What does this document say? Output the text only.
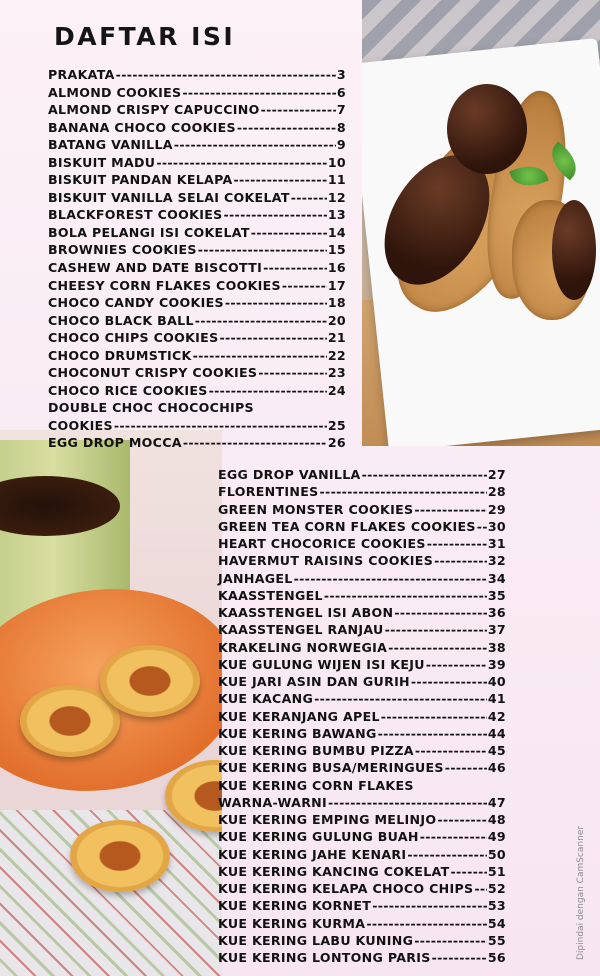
DAFTAR ISI
PRAKATA -----	3
ALMOND COOKIES -----	6
ALMOND CRISPY CAPUCCINO -----	7
BANANA CHOCO COOKIES -----	8
BATANG VANILLA -----	9
BISKUIT MADU -----	10
BISKUIT PANDAN KELAPA -----	11
BISKUIT VANILLA SELAI COKELAT -----	12
BLACKFOREST COOKIES -----	13
BOLA PELANGI ISI COKELAT -----	14
BROWNIES COOKIES -----	15
CASHEW AND DATE BISCOTTI -----	16
CHEESY CORN FLAKES COOKIES -----	17
CHOCO CANDY COOKIES -----	18
CHOCO BLACK BALL -----	20
CHOCO CHIPS COOKIES -----	21
CHOCO DRUMSTICK -----	22
CHOCONUT CRISPY COOKIES -----	23
CHOCO RICE COOKIES -----	24
DOUBLE CHOC CHOCOCHIPS
COOKIES -----	25
EGG DROP MOCCA -----	26
EGG DROP VANILLA -----	27
FLORENTINES -----	28
GREEN MONSTER COOKIES -----	29
GREEN TEA CORN FLAKES COOKIES ----- 30
HEART CHOCORICE COOKIES -----	31
HAVERMUT RAISINS COOKIES -----	32
JANHAGEL -----	34
KAASSTENGEL -----	35
KAASSTENGEL ISI ABON -----	36
KAASSTENGEL RANJAU -----	37
KRAKELING NORWEGIA -----	38
KUE GULUNG WIJEN ISI KEJU -----	39
KUE JARI ASIN DAN GURIH -----	40
KUE KACANG -----	41
KUE KERANJANG APEL -----	42
KUE KERING BAWANG -----	44
KUE KERING BUMBU PIZZA -----	45
KUE KERING BUSA/MERINGUES -----	46
KUE KERING CORN FLAKES
WARNA-WARNI -----	47
KUE KERING EMPING MELINJO -----	48
KUE KERING GULUNG BUAH -----	49
KUE KERING JAHE KENARI -----	50
KUE KERING KANCING COKELAT -----	51
KUE KERING KELAPA CHOCO CHIPS ----- 52
KUE KERING KORNET -----	53
KUE KERING KURMA -----	54
KUE KERING LABU KUNING -----	55
KUE KERING LONTONG PARIS -----	56	Dipindai dengan CamScanner
